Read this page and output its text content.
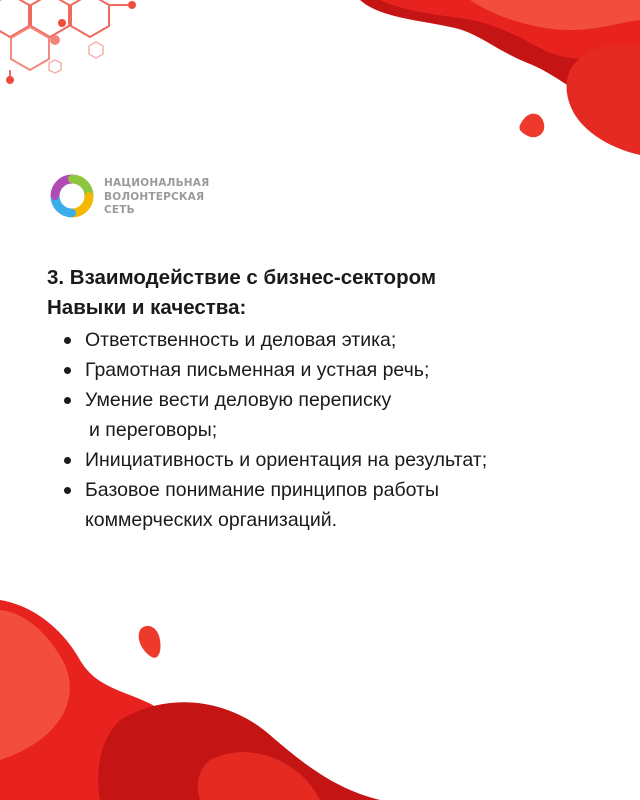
НАЦИОНАЛЬНАЯ
ВОЛОНТЕРСКАЯ
СЕТЬ

3. Взаимодействие с бизнес-сектором

Навыки и качества:

Ответственность и деловая этика;
Грамотная письменная и устная речь;
Умение вести деловую переписку
и переговоры;
Инициативность и ориентация на результат;
Базовое понимание принципов работы
коммерческих организаций.
